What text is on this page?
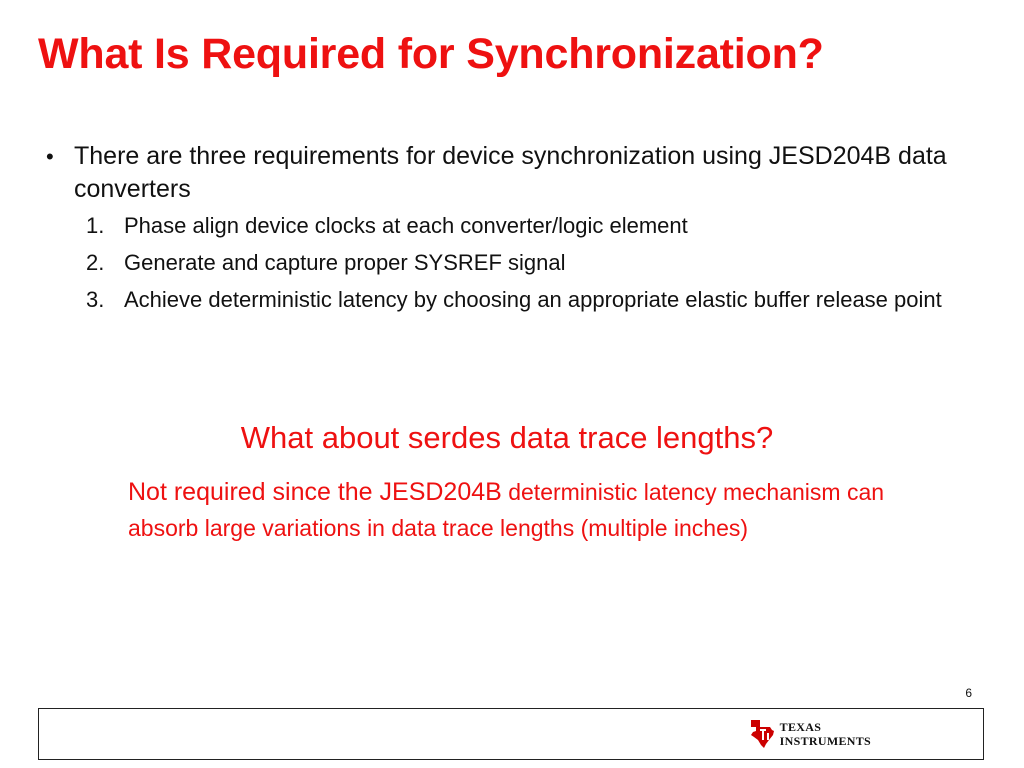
What Is Required for Synchronization?
• There are three requirements for device synchronization using JESD204B data converters
1. Phase align device clocks at each converter/logic element
2. Generate and capture proper SYSREF signal
3. Achieve deterministic latency by choosing an appropriate elastic buffer release point

What about serdes data trace lengths?

Not required since the JESD204B deterministic latency mechanism can absorb large variations in data trace lengths (multiple inches)

6
TEXAS
INSTRUMENTS
